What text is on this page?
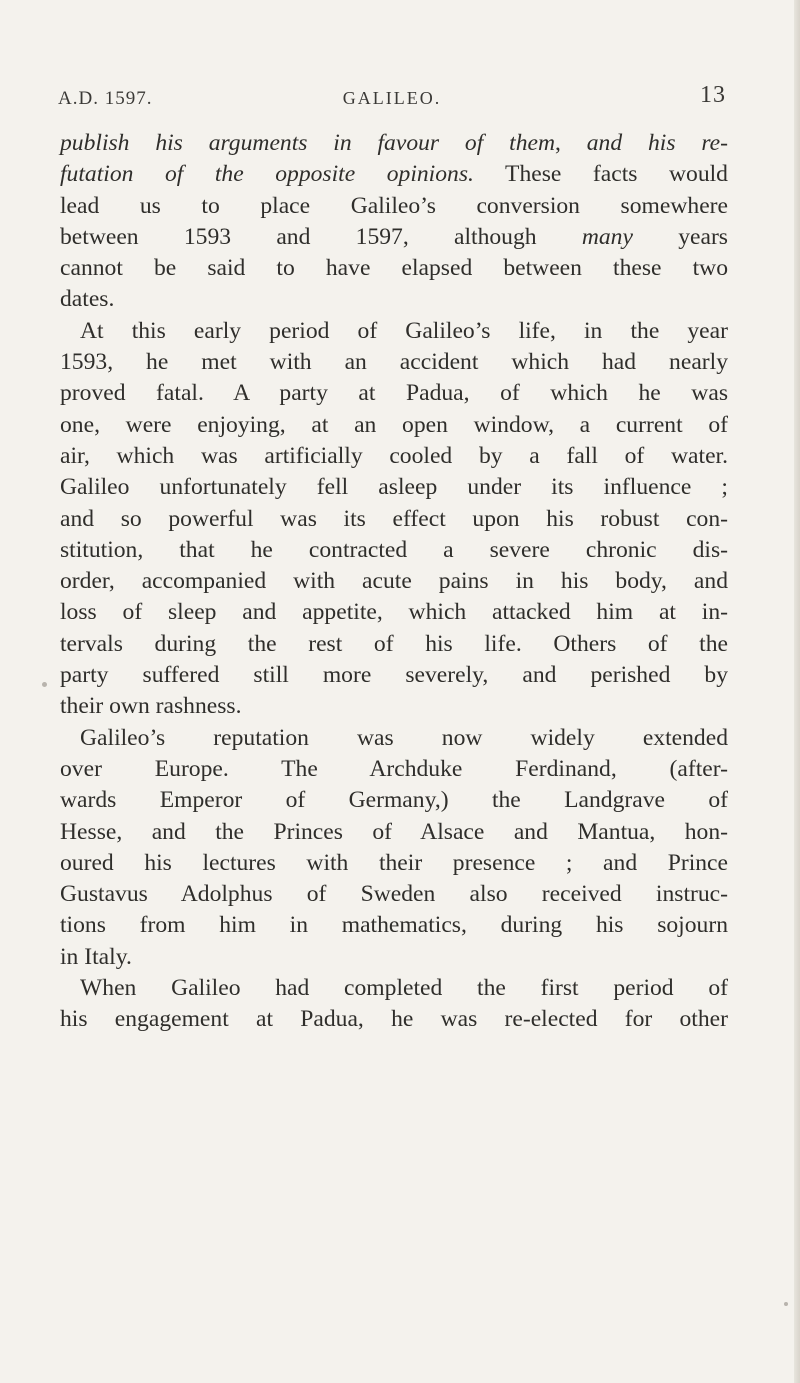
A.D. 1597.	GALILEO.	13
publish his arguments in favour of them, and his re-
futation of the opposite opinions. These facts would
lead us to place Galileo’s conversion somewhere
between 1593 and 1597, although many years
cannot be said to have elapsed between these two
dates.
At this early period of Galileo’s life, in the year
1593, he met with an accident which had nearly
proved fatal. A party at Padua, of which he was
one, were enjoying, at an open window, a current of
air, which was artificially cooled by a fall of water.
Galileo unfortunately fell asleep under its influence ;
and so powerful was its effect upon his robust con-
stitution, that he contracted a severe chronic dis-
order, accompanied with acute pains in his body, and
loss of sleep and appetite, which attacked him at in-
tervals during the rest of his life. Others of the
party suffered still more severely, and perished by
their own rashness.
Galileo’s reputation was now widely extended
over Europe. The Archduke Ferdinand, (after-
wards Emperor of Germany,) the Landgrave of
Hesse, and the Princes of Alsace and Mantua, hon-
oured his lectures with their presence ; and Prince
Gustavus Adolphus of Sweden also received instruc-
tions from him in mathematics, during his sojourn
in Italy.
When Galileo had completed the first period of
his engagement at Padua, he was re-elected for other
